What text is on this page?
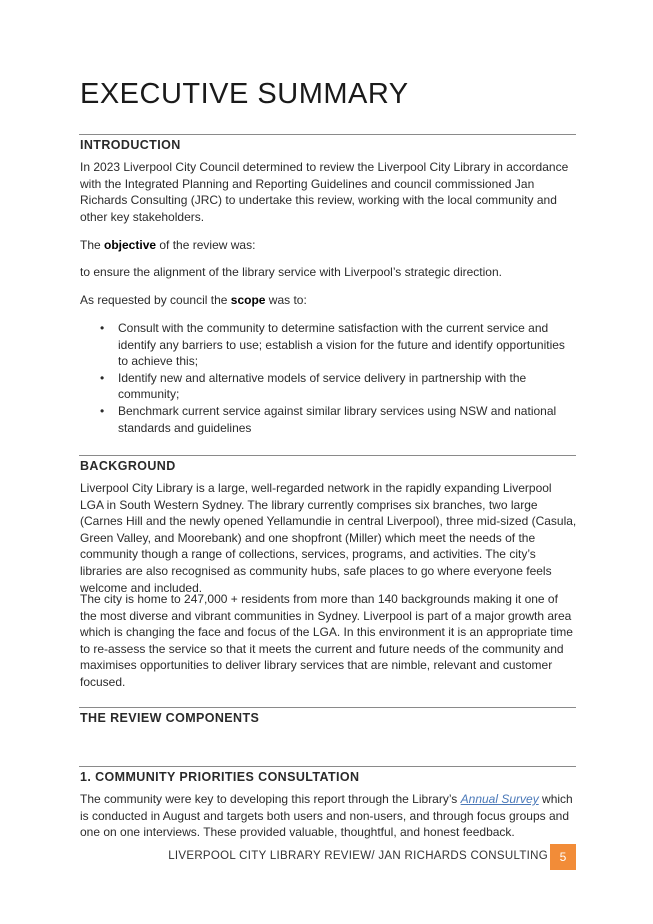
EXECUTIVE SUMMARY
INTRODUCTION

In 2023 Liverpool City Council determined to review the Liverpool City Library in accordance with the Integrated Planning and Reporting Guidelines and council commissioned Jan Richards Consulting (JRC) to undertake this review, working with the local community and other key stakeholders.

The objective of the review was:

to ensure the alignment of the library service with Liverpool’s strategic direction.

As requested by council the scope was to:

• Consult with the community to determine satisfaction with the current service and identify any barriers to use; establish a vision for the future and identify opportunities to achieve this;
• Identify new and alternative models of service delivery in partnership with the community;
• Benchmark current service against similar library services using NSW and national standards and guidelines
BACKGROUND

Liverpool City Library is a large, well-regarded network in the rapidly expanding Liverpool LGA in South Western Sydney. The library currently comprises six branches, two large (Carnes Hill and the newly opened Yellamundie in central Liverpool), three mid-sized (Casula, Green Valley, and Moorebank) and one shopfront (Miller) which meet the needs of the community though a range of collections, services, programs, and activities. The city’s libraries are also recognised as community hubs, safe places to go where everyone feels welcome and included.

The city is home to 247,000 + residents from more than 140 backgrounds making it one of the most diverse and vibrant communities in Sydney. Liverpool is part of a major growth area which is changing the face and focus of the LGA. In this environment it is an appropriate time to re-assess the service so that it meets the current and future needs of the community and maximises opportunities to deliver library services that are nimble, relevant and customer focused.

THE REVIEW COMPONENTS
1. COMMUNITY PRIORITIES CONSULTATION

The community were key to developing this report through the Library’s Annual Survey which is conducted in August and targets both users and non-users, and through focus groups and one on one interviews. These provided valuable, thoughtful, and honest feedback.

LIVERPOOL CITY LIBRARY REVIEW/ JAN RICHARDS CONSULTING 5
